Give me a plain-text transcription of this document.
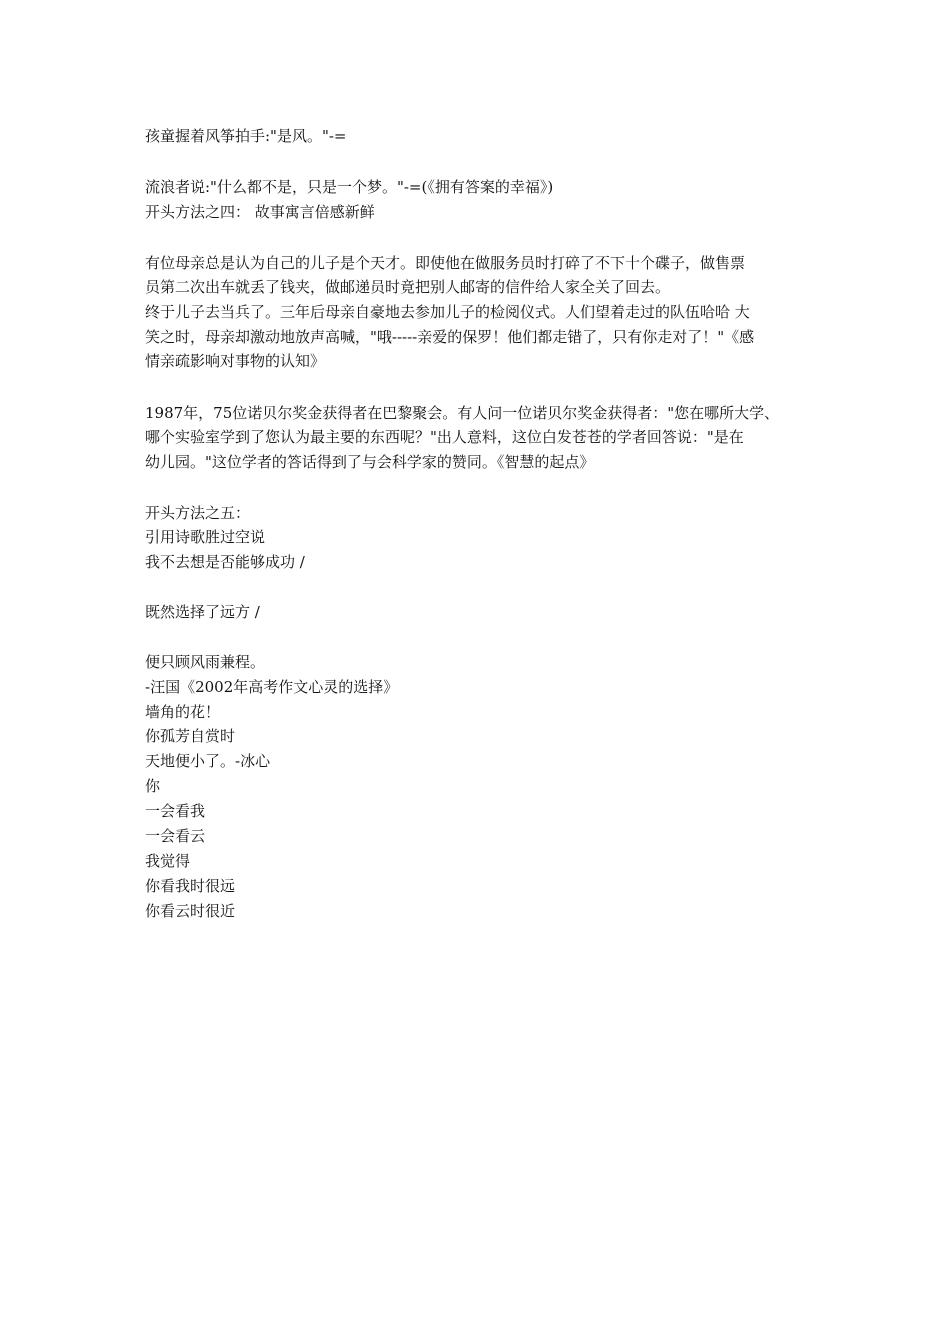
孩童握着风筝拍手:"是风。"-=
流浪者说:"什么都不是，只是一个梦。"-=(《拥有答案的幸福》)
开头方法之四： 故事寓言倍感新鲜
有位母亲总是认为自己的儿子是个天才。即使他在做服务员时打碎了不下十个碟子，做售票
员第二次出车就丢了钱夹，做邮递员时竟把别人邮寄的信件给人家全关了回去。
终于儿子去当兵了。三年后母亲自豪地去参加儿子的检阅仪式。人们望着走过的队伍哈哈 大
笑之时，母亲却激动地放声高喊，"哦-----亲爱的保罗！他们都走错了，只有你走对了！"《感
情亲疏影响对事物的认知》
1987年，75位诺贝尔奖金获得者在巴黎聚会。有人问一位诺贝尔奖金获得者："您在哪所大学、
哪个实验室学到了您认为最主要的东西呢？"出人意料，这位白发苍苍的学者回答说："是在
幼儿园。"这位学者的答话得到了与会科学家的赞同。《智慧的起点》
开头方法之五：
引用诗歌胜过空说
我不去想是否能够成功 /
既然选择了远方 /
便只顾风雨兼程。
-汪国《2002年高考作文心灵的选择》
墙角的花！
你孤芳自赏时
天地便小了。-冰心
你
一会看我
一会看云
我觉得
你看我时很远
你看云时很近
